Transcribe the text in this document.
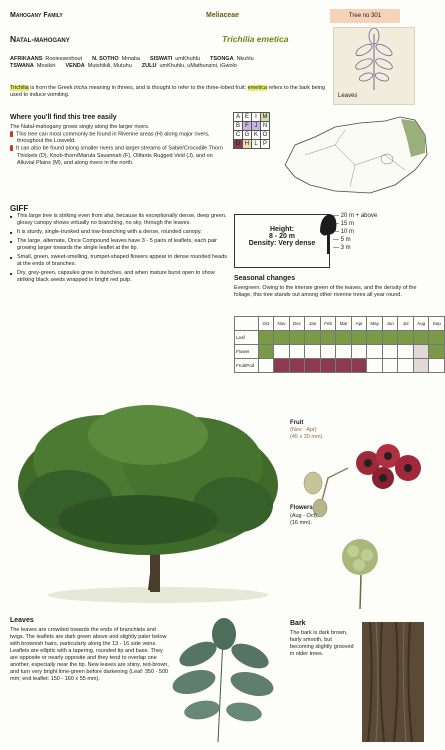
Mahogany Family	Meliaceae	Tree no 301
Natal-mahogany	Trichilia emetica
Leaves
AFRIKAANS Rooiessenhout N. SOTHO Mmaba SISWATI umKhuhlu TSONGA Nkuhlu
TSWANA Mosikiri VENDA Mutshikili, Mutuhu ZULU umKhuhlu, uMathunzini, iGwolo
Trichilia is from the Greek tricha meaning in threes, and is thought to refer to the three-lobed fruit; emetica refers to the bark being used to induce vomiting.
Where you'll find this tree easily
The Natal-mahogany grows singly along the larger rivers.
This tree can most commonly be found in Riverine areas (H) along major rivers, throughout the Lowveld.
It can also be found along smaller rivers and larger streams of Sabie/Crocodile Thorn Thickets (D), Knob-thorn/Marula Savannah (F), Olifants Rugged Veld (J), and on Alluvial Plains (M), and along rivers in the north.
A	E	I	M
B	F	J	N
C	G	K	O
D	H	L	P
GIFF
■ This large tree is striking even from afar, because its exceptionally dense, deep green, glossy canopy shows virtually no branching, no sky, through the leaves.
■ It is sturdy, single-trunked and low-branching with a dense, rounded canopy.
■ The large, alternate, Once Compound leaves have 3 - 5 pairs of leaflets, each pair growing larger towards the single leaflet at the tip.
■ Small, green, sweet-smelling, trumpet-shaped flowers appear in dense rounded heads at the ends of branches.
■ Dry, grey-green, capsules grow in bunches, and when mature burst open to show striking black seeds wrapped in bright red pulp.
Height:
8 - 20 m
Density: Very dense
— 20 m + above
— 15 m
— 10 m
— 5 m
— 3 m
Seasonal changes
Evergreen. Owing to the intense green of the leaves, and the density of the foliage, this tree stands out among other riverine trees all year round.
	Oct	Nov	Dec	Jan	Feb	Mar	Apr	May	Jun	Jul	Aug	Sep
Leaf												
Flower												
Fruit/Pod												
Fruit
(Nov - Apr)
(45 x 30 mm).
Flowers
(Aug - Oct)
(16 mm).
Leaves
The leaves are crowded towards the ends of branchlets and twigs. The leaflets are dark green above and slightly paler below with brownish hairs, particularly along the 13 - 16 side veins. Leaflets are elliptic with a tapering, rounded tip and base. They are opposite or nearly opposite and they tend to overlap one another, especially near the tip. New leaves are shiny, red-brown, and turn very bright lime-green before darkening (Leaf: 350 - 500 mm; end leaflet: 150 - 160 x 55 mm).
Bark
The bark is dark brown, fairly smooth, but becoming slightly grooved in older trees.
